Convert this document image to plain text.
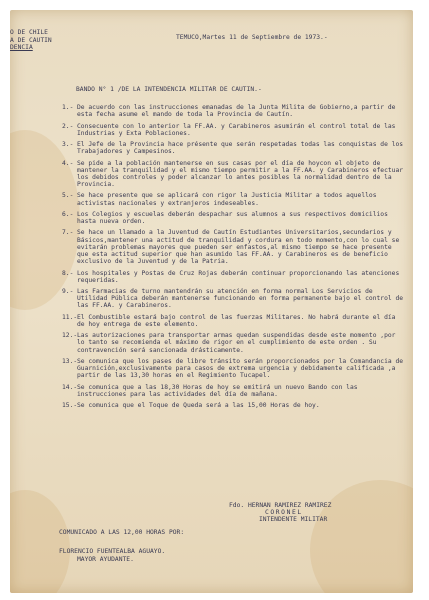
O DE CHILE
A DE CAUTIN
DENCIA
TEMUCO,Martes 11 de Septiembre de 1973.-
BANDO N° 1 /DE LA INTENDENCIA MILITAR DE CAUTIN.-
1.- De acuerdo con las instrucciones emanadas de la Junta Milita de Gobierno,a partir de esta fecha asume el mando de toda la Provincia de Cautín.
2.- Consecuente con lo anterior la FF.AA. y Carabineros asumirán el control total de las Industrias y Exta Poblaciones.
3.- El Jefe de la Provincia hace présente que serán respetadas todas las conquistas de los Trabajadores y Campesinos.
4.- Se pide a la población mantenerse en sus casas por el día de hoycon el objeto de mantener la tranquilidad y el mismo tiempo permitir a la FF.AA. y Carabineros efectuar los debidos controles y poder alcanzar lo antes posibles la normalidad dentro de la Provincia.
5.- Se hace presente que se aplicará con rigor la Justicia Militar a todos aquellos activistas nacionales y extranjeros indeseables.
6.- Los Colegios y escuelas deberán despachar sus alumnos a sus respectivos domicilios hasta nueva orden.
7.- Se hace un llamado a la Juventud de Cautín Estudiantes Universitarios,secundarios y Básicos,mantener una actitud de tranquilidad y cordura en todo momento,con lo cual se evitarán problemas mayores que pueden ser enfastos,al mismo tiempo se hace presente que esta actitud superior que han asumido las FF.AA. y Carabineros es de beneficio exclusivo de la Juventud y de la Patria.
8.- Los hospitales y Postas de Cruz Rojas deberán continuar proporcionando las atenciones requeridas.
9.- Las Farmacias de turno mantendrán su atención en forma normal Los Servicios de Utilidad Pública deberán mantenerse funcionando en forma permanente bajo el control de las FF.AA. y Carabineros.
11.- El Combustible estará bajo control de las fuerzas Militares. No habrá durante el día de hoy entrega de este elemento.
12.- Las autorizaciones para transportar armas quedan suspendidas desde este momento ,por lo tanto se recomienda el máximo de rigor en el cumplimiento de este orden . Su contravención será sancionada drásticamente.
13.- Se comunica que los pases de libre tránsito serán proporcionados por la Comandancia de Guarnición,exclusivamente para casos de extrema urgencia y debidamente calificada ,a partir de las 13,30 horas en el Regimiento Tucapel.
14.- Se comunica que a las 18,30 Horas de hoy se emitirá un nuevo Bando con las instrucciones para las actividades del día de mañana.
15.- Se comunica que el Toque de Queda será a las 15,00 Horas de hoy.
Fdo. HERNAN RAMIREZ RAMIREZ
CORONEL
INTENDENTE MILITAR
COMUNICADO A LAS 12,00 HORAS POR:
FLORENCIO FUENTEALBA AGUAYO.
MAYOR AYUDANTE.
